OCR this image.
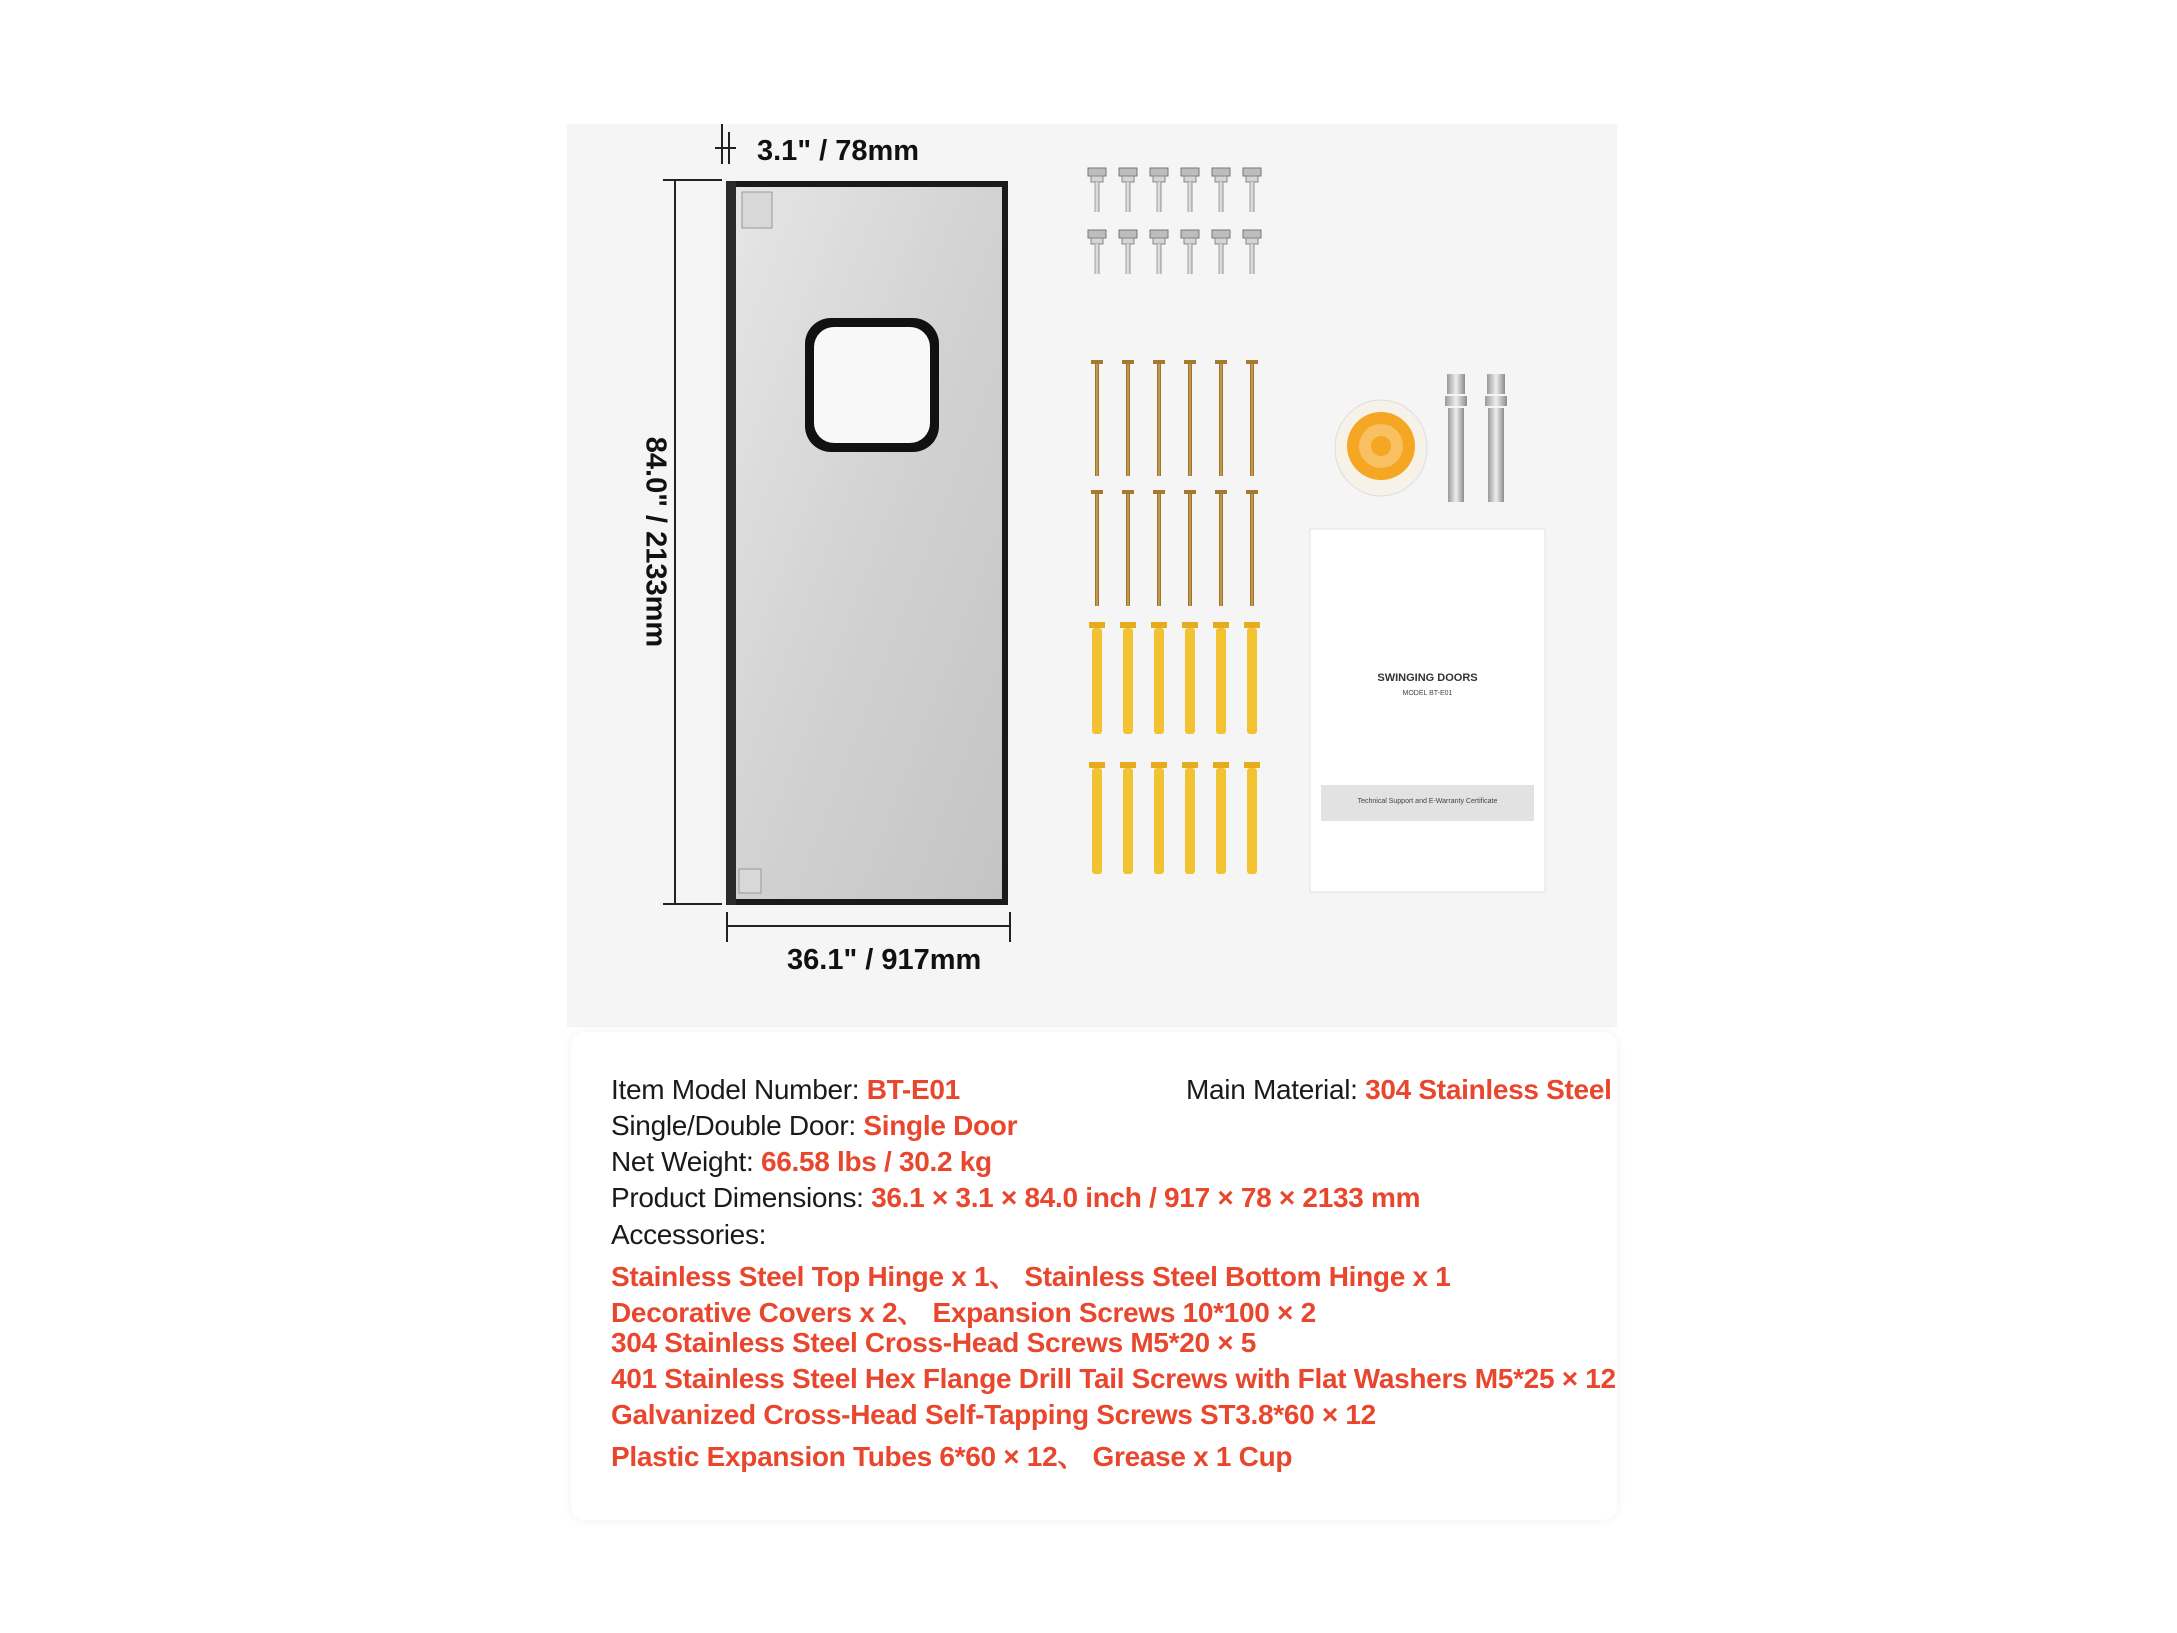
3.1" / 78mm
84.0" / 2133mm
36.1" / 917mm
SWINGING DOORS
MODEL BT-E01
Technical Support and E-Warranty Certificate
Item Model Number: BT-E01	Main Material: 304 Stainless Steel
Single/Double Door: Single Door
Net Weight: 66.58 lbs / 30.2 kg
Product Dimensions: 36.1 × 3.1 × 84.0 inch / 917 × 78 × 2133 mm
Accessories:
Stainless Steel Top Hinge x 1、 Stainless Steel Bottom Hinge x 1
Decorative Covers x 2、 Expansion Screws 10*100 × 2
304 Stainless Steel Cross-Head Screws M5*20 × 5
401 Stainless Steel Hex Flange Drill Tail Screws with Flat Washers M5*25 × 12
Galvanized Cross-Head Self-Tapping Screws ST3.8*60 × 12
Plastic Expansion Tubes 6*60 × 12、 Grease x 1 Cup
